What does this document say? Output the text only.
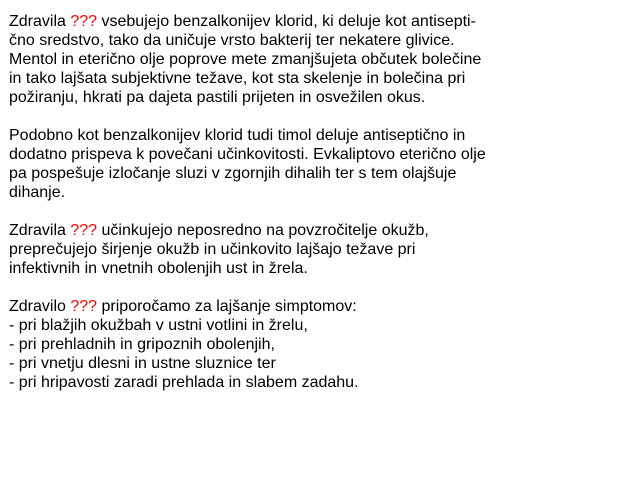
Zdravila ??? vsebujejo benzalkonijev klorid, ki deluje kot antisepti-
čno sredstvo, tako da uničuje vrsto bakterij ter nekatere glivice.
Mentol in eterično olje poprove mete zmanjšujeta občutek bolečine
in tako lajšata subjektivne težave, kot sta skelenje in bolečina pri
požiranju, hkrati pa dajeta pastili prijeten in osvežilen okus.
Podobno kot benzalkonijev klorid tudi timol deluje antiseptično in
dodatno prispeva k povečani učinkovitosti. Evkaliptovo eterično olje
pa pospešuje izločanje sluzi v zgornjih dihalih ter s tem olajšuje
dihanje.
Zdravila ??? učinkujejo neposredno na povzročitelje okužb,
preprečujejo širjenje okužb in učinkovito lajšajo težave pri
infektivnih in vnetnih obolenjih ust in žrela.
Zdravilo ??? priporočamo za lajšanje simptomov:
- pri blažjih okužbah v ustni votlini in žrelu,
- pri prehladnih in gripoznih obolenjih,
- pri vnetju dlesni in ustne sluznice ter
- pri hripavosti zaradi prehlada in slabem zadahu.
